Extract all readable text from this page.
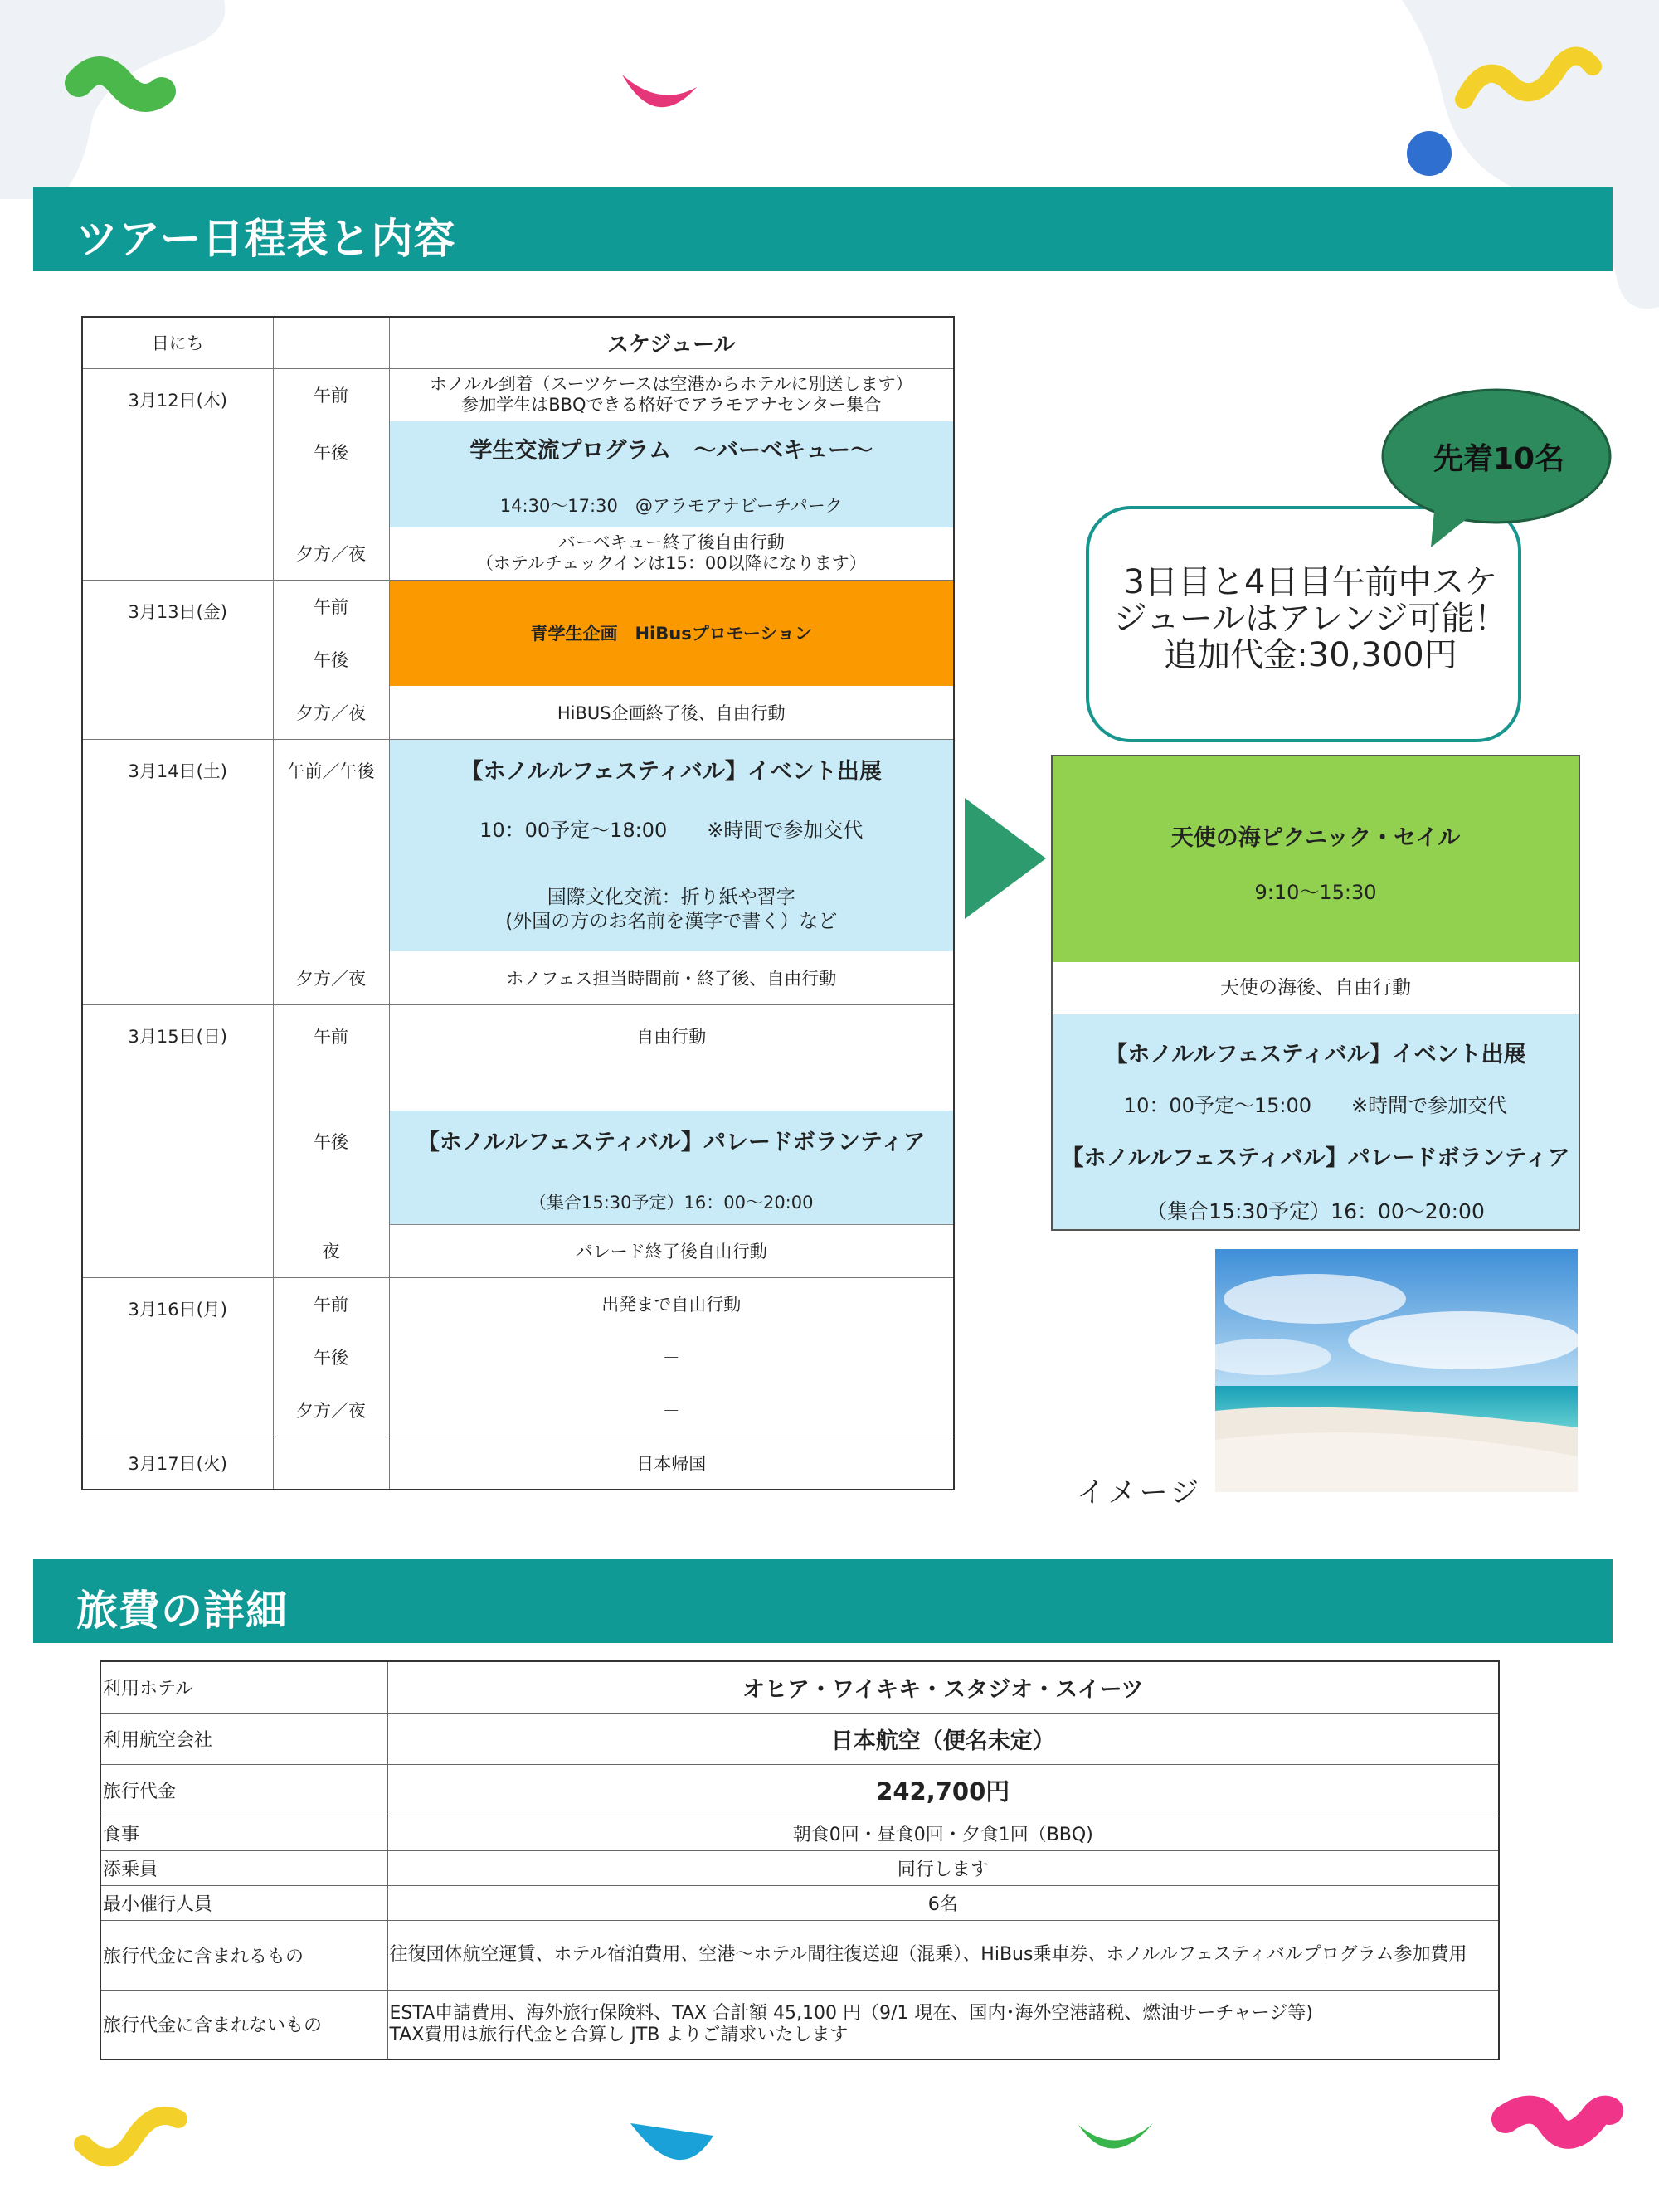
ツアー日程表と内容
旅費の詳細
日にち		スケジュール
3月12日(木)	午前	ホノルル到着（スーツケースは空港からホテルに別送します）
参加学生はBBQできる格好でアラモアナセンター集合

	午後	学生交流プログラム　～バーベキュー～
14:30～17:30　@アラモアナビーチパーク

	夕方／夜	バーベキュー終了後自由行動
（ホテルチェックインは15：00以降になります）

3月13日(金)	午前	青学生企画　HiBusプロモーション
	午後	
	夕方／夜	HiBUS企画終了後、自由行動
3月14日(土)	午前／午後	【ホノルルフェスティバル】イベント出展
10：00予定～18:00　　※時間で参加交代
国際文化交流：折り紙や習字
(外国の方のお名前を漢字で書く）など

	夕方／夜	ホノフェス担当時間前・終了後、自由行動
3月15日(日)	午前	自由行動
	午後	【ホノルルフェスティバル】パレードボランティア
（集合15:30予定）16：00～20:00

	夜	パレード終了後自由行動
3月16日(月)	午前	出発まで自由行動
	午後	－
	夕方／夜	－
3月17日(火)		日本帰国
先着10名
3日目と4日目午前中スケ
ジュールはアレンジ可能！
追加代金:30,300円
天使の海ピクニック・セイル
9:10～15:30
天使の海後、自由行動
【ホノルルフェスティバル】イベント出展
10：00予定～15:00　　※時間で参加交代
【ホノルルフェスティバル】パレードボランティア
（集合15:30予定）16：00～20:00
イメージ
利用ホテル	オヒア・ワイキキ・スタジオ・スイーツ
利用航空会社	日本航空（便名未定）
旅行代金	242,700円
食事	朝食0回・昼食0回・夕食1回（BBQ)
添乗員	同行します
最小催行人員	6名
旅行代金に含まれるもの	往復団体航空運賃、ホテル宿泊費用、空港～ホテル間往復送迎（混乗）、HiBus乗車券、ホノルルフェスティバルプログラム参加費用
旅行代金に含まれないもの	ESTA申請費用、海外旅行保険料、TAX 合計額 45,100 円（9/1 現在、国内･海外空港諸税、燃油サーチャージ等)
TAX費用は旅行代金と合算し JTB よりご請求いたします
